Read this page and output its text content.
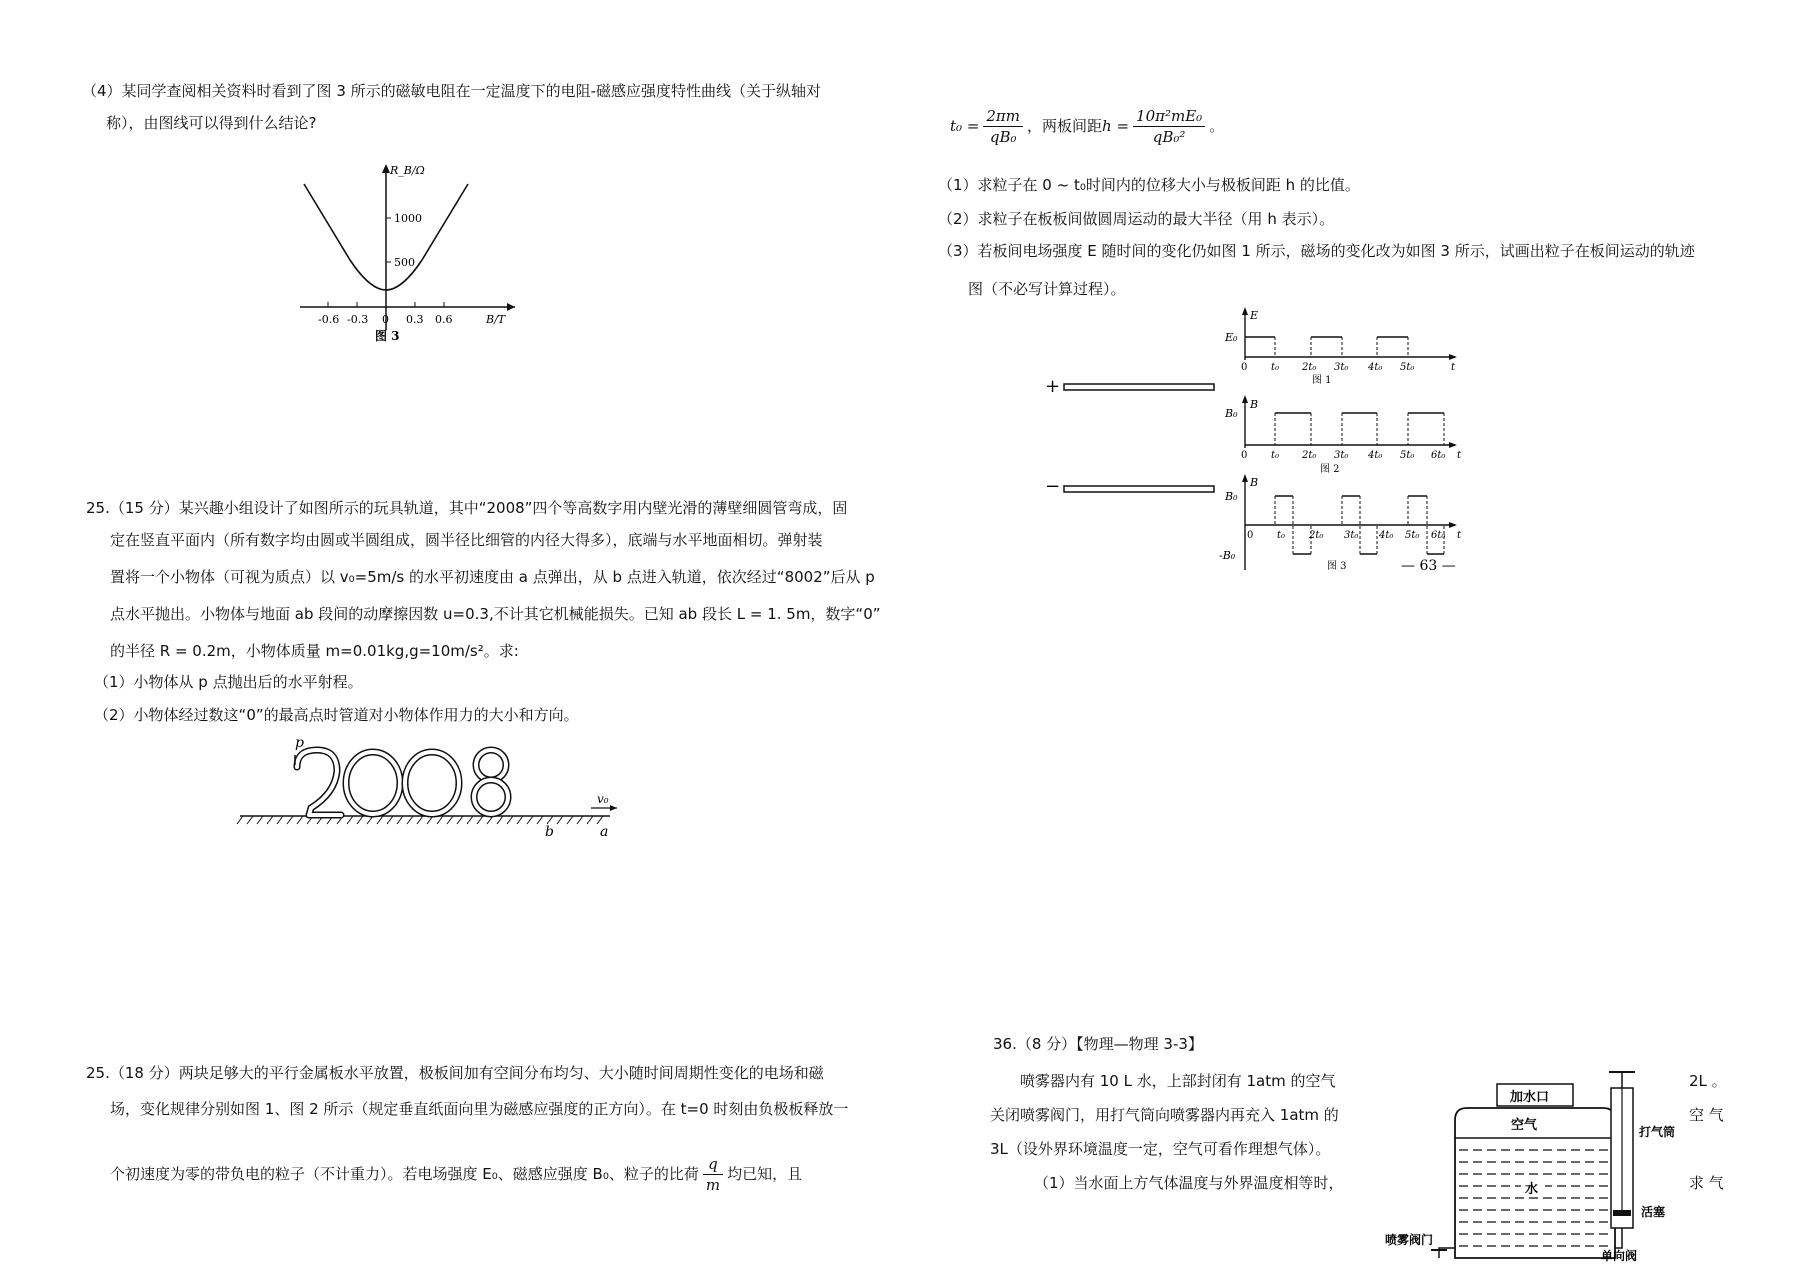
（4）某同学查阅相关资料时看到了图 3 所示的磁敏电阻在一定温度下的电阻-磁感应强度特性曲线（关于纵轴对
称），由图线可以得到什么结论?
R_B/Ω
1000
500
-0.6 -0.3 0 0.3 0.6	B/T
图 3
25.（15 分）某兴趣小组设计了如图所示的玩具轨道，其中“2008”四个等高数字用内壁光滑的薄壁细圆管弯成，固
定在竖直平面内（所有数字均由圆或半圆组成，圆半径比细管的内径大得多），底端与水平地面相切。弹射装
置将一个小物体（可视为质点）以 v₀=5m/s 的水平初速度由 a 点弹出，从 b 点进入轨道，依次经过“8002”后从 p
点水平抛出。小物体与地面 ab 段间的动摩擦因数 u=0.3,不计其它机械能损失。已知 ab 段长 L = 1. 5m，数字“0”
的半径 R = 0.2m，小物体质量 m=0.01kg,g=10m/s²。求:
（1）小物体从 p 点抛出后的水平射程。
（2）小物体经过数这“0”的最高点时管道对小物体作用力的大小和方向。
p
b	a
v₀
25.（18 分）两块足够大的平行金属板水平放置，极板间加有空间分布均匀、大小随时间周期性变化的电场和磁
场，变化规律分别如图 1、图 2 所示（规定垂直纸面向里为磁感应强度的正方向）。在 t=0 时刻由负极板释放一
个初速度为零的带负电的粒子（不计重力）。若电场强度 E₀、磁感应强度 B₀、粒子的比荷 $\frac{q}{m}$ 均已知，且
$t_0 = \frac{2\pi m}{\text{qB₀}}$ ，两板间距$h = \frac{\text{10π²mE₀}}{\text{qB₀²}}$ 。
（1）求粒子在 0 ~ t₀时间内的位移大小与极板间距 h 的比值。
（2）求粒子在板板间做圆周运动的最大半径（用 h 表示）。
（3）若板间电场强度 E 随时间的变化仍如图 1 所示，磁场的变化改为如图 3 所示，试画出粒子在板间运动的轨迹
图（不必写计算过程）。
+
−
E
E₀
0 t₀ 2t₀ 3t₀ 4t₀ 5t₀	t
图 1
B
B₀
0 t₀ 2t₀ 3t₀ 4t₀ 5t₀ 6t₀ t
图 2
B
B₀
-B₀
0 t₀ 2t₀ 3t₀ 4t₀ 5t₀ 6t₀ t
图 3	— 63 —
36.（8 分）【物理—物理 3-3】
喷雾器内有 10 L 水，上部封闭有 1atm 的空气	2L 。
关闭喷雾阀门，用打气筒向喷雾器内再充入 1atm 的	空 气
3L（设外界环境温度一定，空气可看作理想气体）。
（1）当水面上方气体温度与外界温度相等时，	求 气
加水口
空气
水
打气筒
活塞
喷雾阀门
单向阀
